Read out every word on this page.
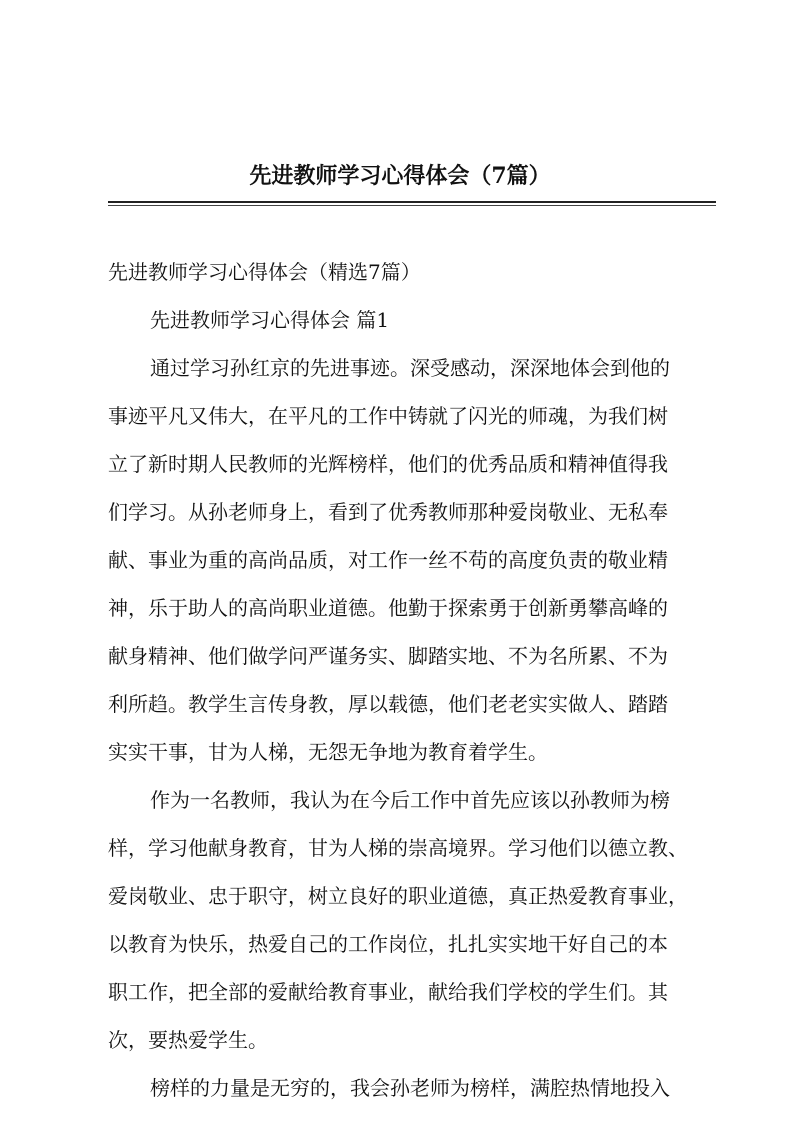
先进教师学习心得体会（7篇）
先进教师学习心得体会（精选7篇）
先进教师学习心得体会 篇1
通过学习孙红京的先进事迹。深受感动，深深地体会到他的
事迹平凡又伟大，在平凡的工作中铸就了闪光的师魂，为我们树
立了新时期人民教师的光辉榜样，他们的优秀品质和精神值得我
们学习。从孙老师身上，看到了优秀教师那种爱岗敬业、无私奉
献、事业为重的高尚品质，对工作一丝不苟的高度负责的敬业精
神，乐于助人的高尚职业道德。他勤于探索勇于创新勇攀高峰的
献身精神、他们做学问严谨务实、脚踏实地、不为名所累、不为
利所趋。教学生言传身教，厚以载德，他们老老实实做人、踏踏
实实干事，甘为人梯，无怨无争地为教育着学生。
作为一名教师，我认为在今后工作中首先应该以孙教师为榜
样，学习他献身教育，甘为人梯的崇高境界。学习他们以德立教、
爱岗敬业、忠于职守，树立良好的职业道德，真正热爱教育事业，
以教育为快乐，热爱自己的工作岗位，扎扎实实地干好自己的本
职工作，把全部的爱献给教育事业，献给我们学校的学生们。其
次，要热爱学生。
榜样的力量是无穷的，我会孙老师为榜样，满腔热情地投入
